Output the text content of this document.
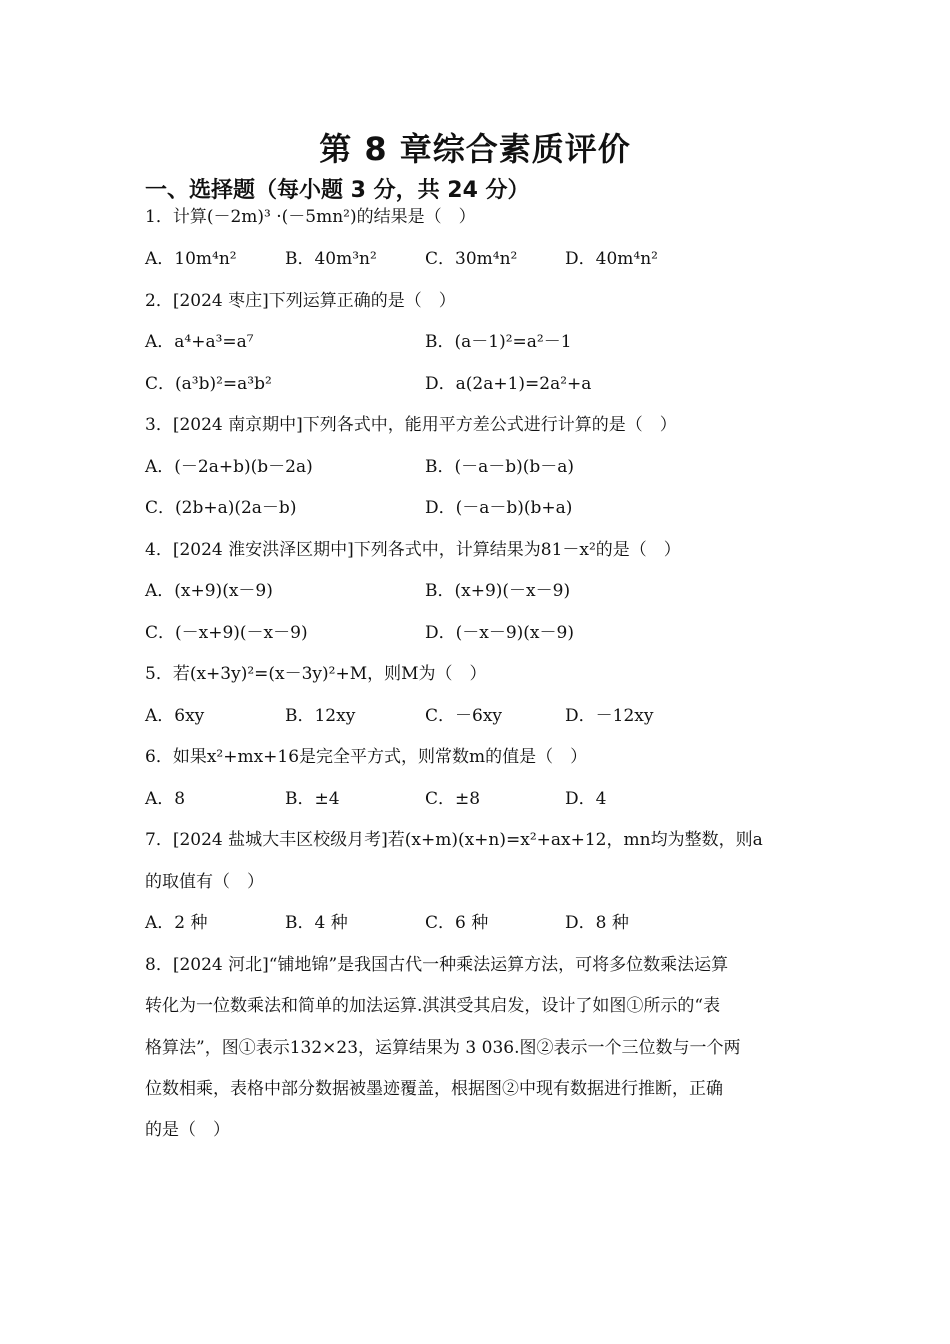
第 8 章综合素质评价
一、选择题（每小题 3 分，共 24 分）
1．计算(－2m)³ ·(－5mn²)的结果是（　）
A．10m⁴n²	B．40m³n²	C．30m⁴n²	D．40m⁴n²
2．[2024 枣庄]下列运算正确的是（　）
A．a⁴+a³=a⁷	B．(a－1)²=a²－1
C．(a³b)²=a³b²	D．a(2a+1)=2a²+a
3．[2024 南京期中]下列各式中，能用平方差公式进行计算的是（　）
A．(－2a+b)(b－2a)	B．(－a－b)(b－a)
C．(2b+a)(2a－b)	D．(－a－b)(b+a)
4．[2024 淮安洪泽区期中]下列各式中，计算结果为81－x²的是（　）
A．(x+9)(x－9)	B．(x+9)(－x－9)
C．(－x+9)(－x－9)	D．(－x－9)(x－9)
5．若(x+3y)²=(x－3y)²+M，则M为（　）
A．6xy	B．12xy	C．－6xy	D．－12xy
6．如果x²+mx+16是完全平方式，则常数m的值是（　）
A．8	B．±4	C．±8	D．4
7．[2024 盐城大丰区校级月考]若(x+m)(x+n)=x²+ax+12，mn均为整数，则a
的取值有（　）
A．2 种	B．4 种	C．6 种	D．8 种
8．[2024 河北]“铺地锦”是我国古代一种乘法运算方法，可将多位数乘法运算
转化为一位数乘法和简单的加法运算.淇淇受其启发，设计了如图①所示的“表
格算法”，图①表示132×23，运算结果为 3 036.图②表示一个三位数与一个两
位数相乘，表格中部分数据被墨迹覆盖，根据图②中现有数据进行推断，正确
的是（　）
